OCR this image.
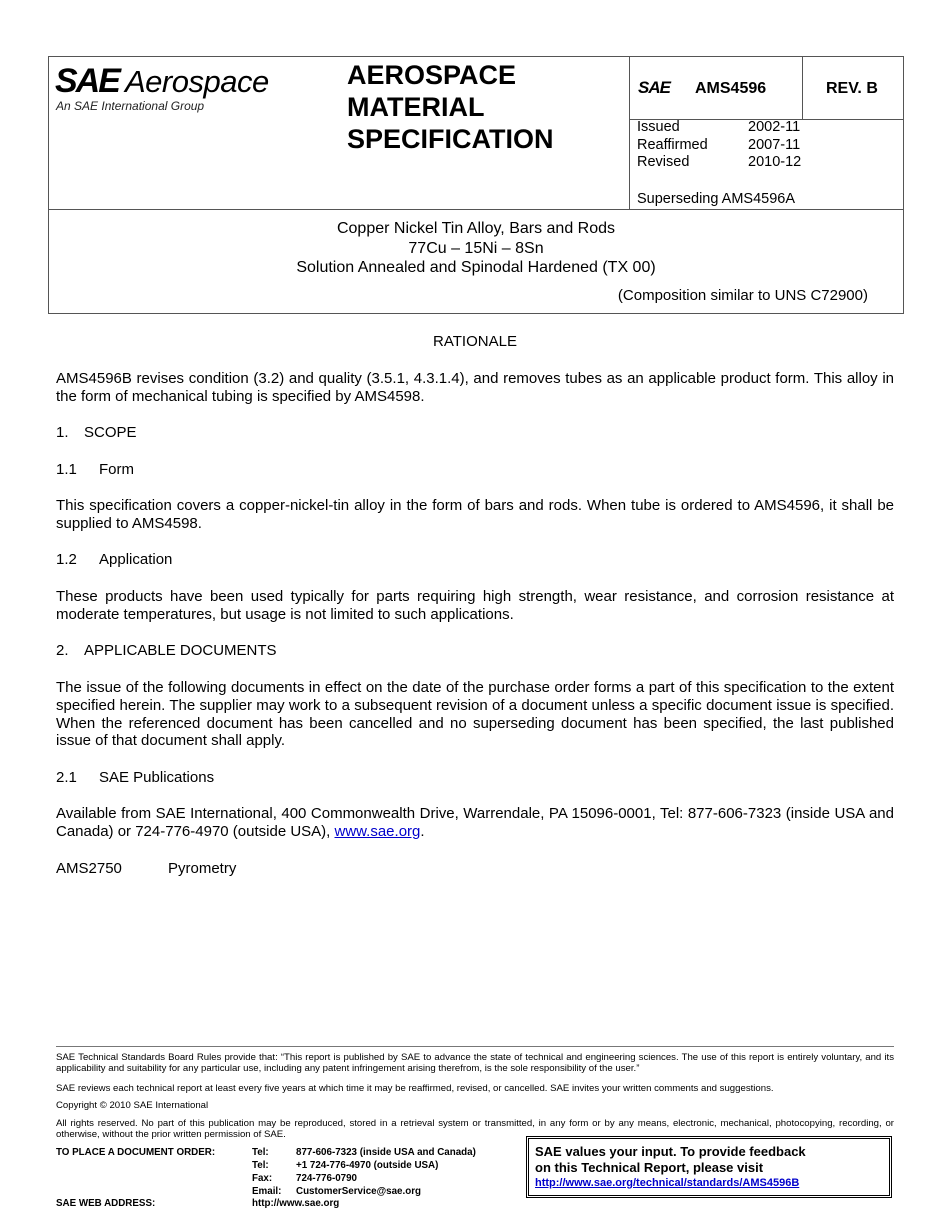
SAE Aerospace
An SAE International Group
AEROSPACE
MATERIAL
SPECIFICATION
SAE AMS4596	REV. B
Issued	2002-11
Reaffirmed	2007-11
Revised	2010-12
Superseding AMS4596A
Copper Nickel Tin Alloy, Bars and Rods
77Cu – 15Ni – 8Sn
Solution Annealed and Spinodal Hardened (TX 00)
(Composition similar to UNS C72900)
RATIONALE
AMS4596B revises condition (3.2) and quality (3.5.1, 4.3.1.4), and removes tubes as an applicable product form. This alloy in the form of mechanical tubing is specified by AMS4598.
1. SCOPE
1.1 Form
This specification covers a copper-nickel-tin alloy in the form of bars and rods. When tube is ordered to AMS4596, it shall be supplied to AMS4598.
1.2 Application
These products have been used typically for parts requiring high strength, wear resistance, and corrosion resistance at moderate temperatures, but usage is not limited to such applications.
2. APPLICABLE DOCUMENTS
The issue of the following documents in effect on the date of the purchase order forms a part of this specification to the extent specified herein. The supplier may work to a subsequent revision of a document unless a specific document issue is specified. When the referenced document has been cancelled and no superseding document has been specified, the last published issue of that document shall apply.
2.1 SAE Publications
Available from SAE International, 400 Commonwealth Drive, Warrendale, PA 15096-0001, Tel: 877-606-7323 (inside USA and Canada) or 724-776-4970 (outside USA), www.sae.org.
AMS2750	Pyrometry
SAE Technical Standards Board Rules provide that: “This report is published by SAE to advance the state of technical and engineering sciences. The use of this report is entirely voluntary, and its applicability and suitability for any particular use, including any patent infringement arising therefrom, is the sole responsibility of the user.”
SAE reviews each technical report at least every five years at which time it may be reaffirmed, revised, or cancelled. SAE invites your written comments and suggestions.
Copyright © 2010 SAE International
All rights reserved. No part of this publication may be reproduced, stored in a retrieval system or transmitted, in any form or by any means, electronic, mechanical, photocopying, recording, or otherwise, without the prior written permission of SAE.
TO PLACE A DOCUMENT ORDER:	Tel:	877-606-7323 (inside USA and Canada)
Tel:	+1 724-776-4970 (outside USA)
Fax:	724-776-0790
Email:	CustomerService@sae.org
SAE WEB ADDRESS:	http://www.sae.org
SAE values your input. To provide feedback
on this Technical Report, please visit
http://www.sae.org/technical/standards/AMS4596B
